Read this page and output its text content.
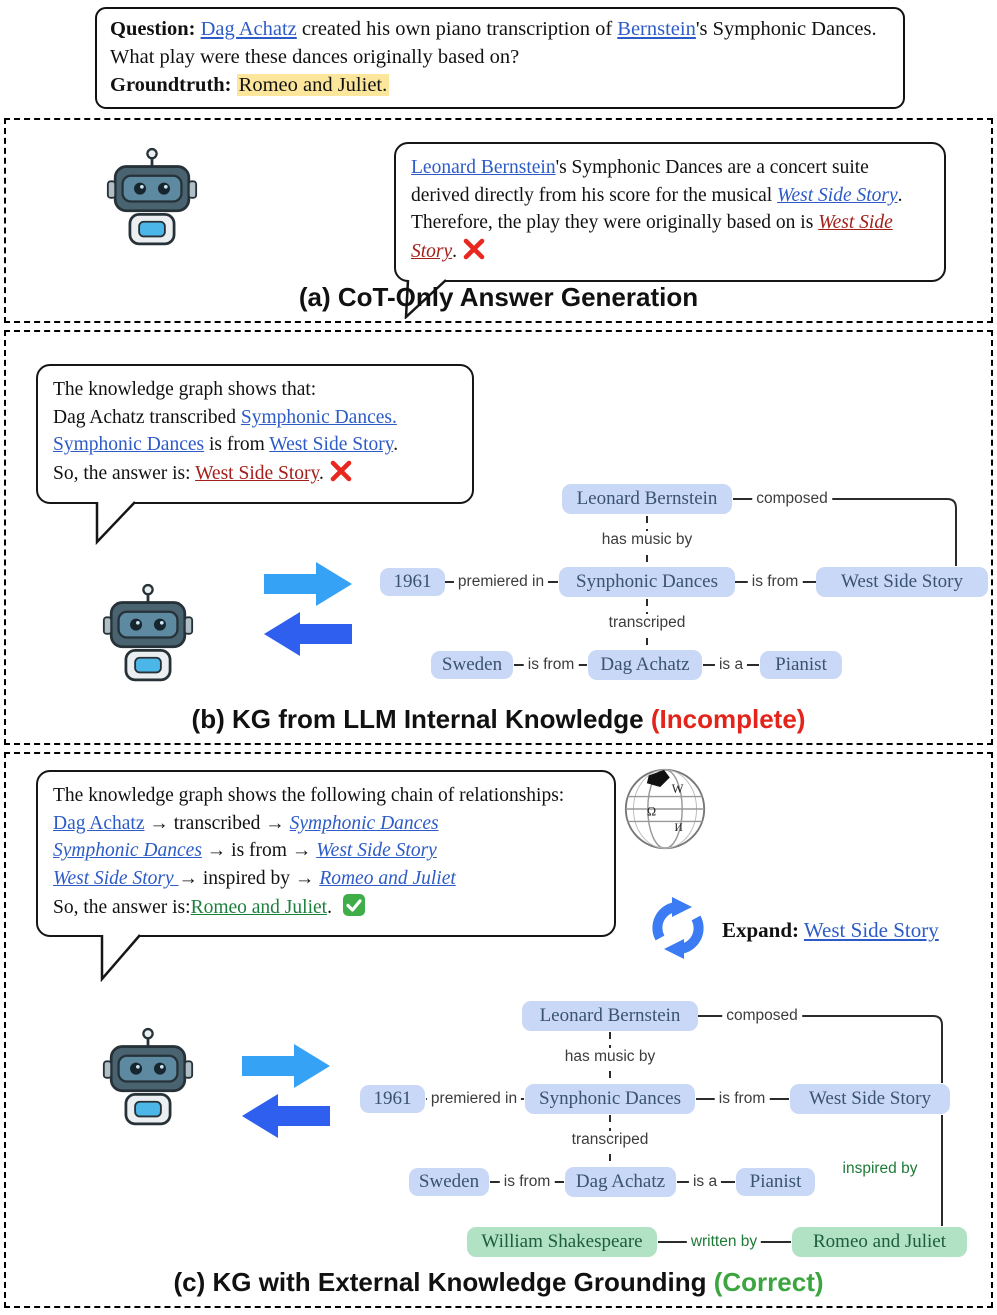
Question: Dag Achatz created his own piano transcription of Bernstein's Symphonic Dances. What play were these dances originally based on?
Groundtruth: Romeo and Juliet.
Leonard Bernstein's Symphonic Dances are a concert suite derived directly from his score for the musical West Side Story. Therefore, the play they were originally based on is West Side Story.
(a) CoT-Only Answer Generation
The knowledge graph shows that:
Dag Achatz transcribed Symphonic Dances. Symphonic Dances is from West Side Story.
So, the answer is: West Side Story.
Leonard Bernstein
Synphonic Dances	West Side Story
1961
Sweden	Dag Achatz	Pianist
composed
has music by
premiered in	is from
transcriped
is from	is a
(b) KG from LLM Internal Knowledge (Incomplete)
The knowledge graph shows the following chain of relationships:
Dag Achatz → transcribed → Symphonic Dances
Symphonic Dances → is from → West Side Story
West Side Story → inspired by → Romeo and Juliet
So, the answer is:Romeo and Juliet.
W
Ω
И
Expand: West Side Story
Leonard Bernstein
Synphonic Dances	West Side Story
1961
Sweden	Dag Achatz	Pianist
William Shakespeare	Romeo and Juliet
composed
has music by
premiered in	is from
transcriped
is from	is a
inspired by
written by
(c) KG with External Knowledge Grounding (Correct)
